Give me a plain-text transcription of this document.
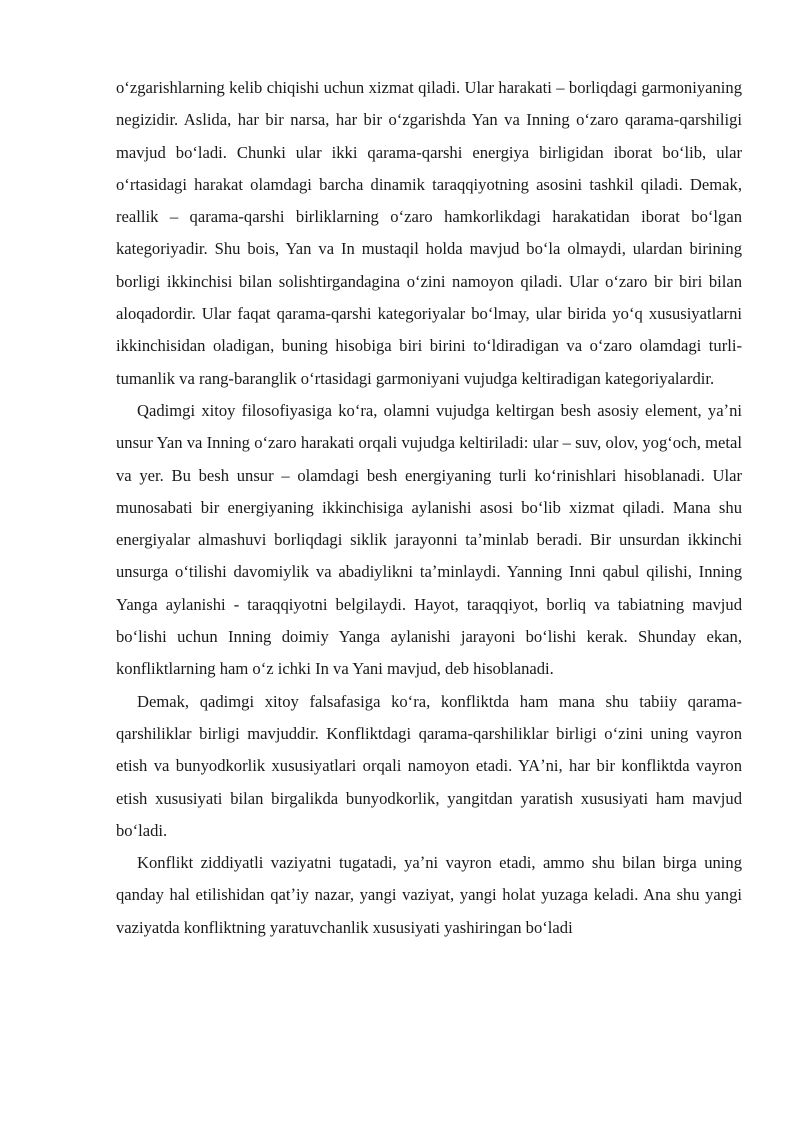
oʻzgarishlarning kelib chiqishi uchun xizmat qiladi. Ular harakati – borliqdagi garmoniyaning negizidir. Aslida, har bir narsa, har bir oʻzgarishda Yan va Inning oʻzaro qarama-qarshiligi mavjud boʻladi. Chunki ular ikki qarama-qarshi energiya birligidan iborat boʻlib, ular oʻrtasidagi harakat olamdagi barcha dinamik taraqqiyotning asosini tashkil qiladi. Demak, reallik – qarama-qarshi birliklarning oʻzaro hamkorlikdagi harakatidan iborat boʻlgan kategoriyadir. Shu bois, Yan va In mustaqil holda mavjud boʻla olmaydi, ulardan birining borligi ikkinchisi bilan solishtirgandagina oʻzini namoyon qiladi. Ular oʻzaro bir biri bilan aloqadordir. Ular faqat qarama-qarshi kategoriyalar boʻlmay, ular birida yoʻq xususiyatlarni ikkinchisidan oladigan, buning hisobiga biri birini toʻldiradigan va oʻzaro olamdagi turli-tumanlik va rang-baranglik oʻrtasidagi garmoniyani vujudga keltiradigan kategoriyalardir.

Qadimgi xitoy filosofiyasiga koʻra, olamni vujudga keltirgan besh asosiy element, yaʼni unsur Yan va Inning oʻzaro harakati orqali vujudga keltiriladi: ular – suv, olov, yogʻoch, metal va yer. Bu besh unsur – olamdagi besh energiyaning turli koʻrinishlari hisoblanadi. Ular munosabati bir energiyaning ikkinchisiga aylanishi asosi boʻlib xizmat qiladi. Mana shu energiyalar almashuvi borliqdagi siklik jarayonni taʼminlab beradi. Bir unsurdan ikkinchi unsurga oʻtilishi davomiylik va abadiylikni taʼminlaydi. Yanning Inni qabul qilishi, Inning Yanga aylanishi - taraqqiyotni belgilaydi. Hayot, taraqqiyot, borliq va tabiatning mavjud boʻlishi uchun Inning doimiy Yanga aylanishi jarayoni boʻlishi kerak. Shunday ekan, konfliktlarning ham oʻz ichki In va Yani mavjud, deb hisoblanadi.

Demak, qadimgi xitoy falsafasiga koʻra, konfliktda ham mana shu tabiiy qarama-qarshiliklar birligi mavjuddir. Konfliktdagi qarama-qarshiliklar birligi oʻzini uning vayron etish va bunyodkorlik xususiyatlari orqali namoyon etadi. YAʼni, har bir konfliktda vayron etish xususiyati bilan birgalikda bunyodkorlik, yangitdan yaratish xususiyati ham mavjud boʻladi.

Konflikt ziddiyatli vaziyatni tugatadi, yaʼni vayron etadi, ammo shu bilan birga uning qanday hal etilishidan qatʼiy nazar, yangi vaziyat, yangi holat yuzaga keladi. Ana shu yangi vaziyatda konfliktning yaratuvchanlik xususiyati yashiringan boʻladi
